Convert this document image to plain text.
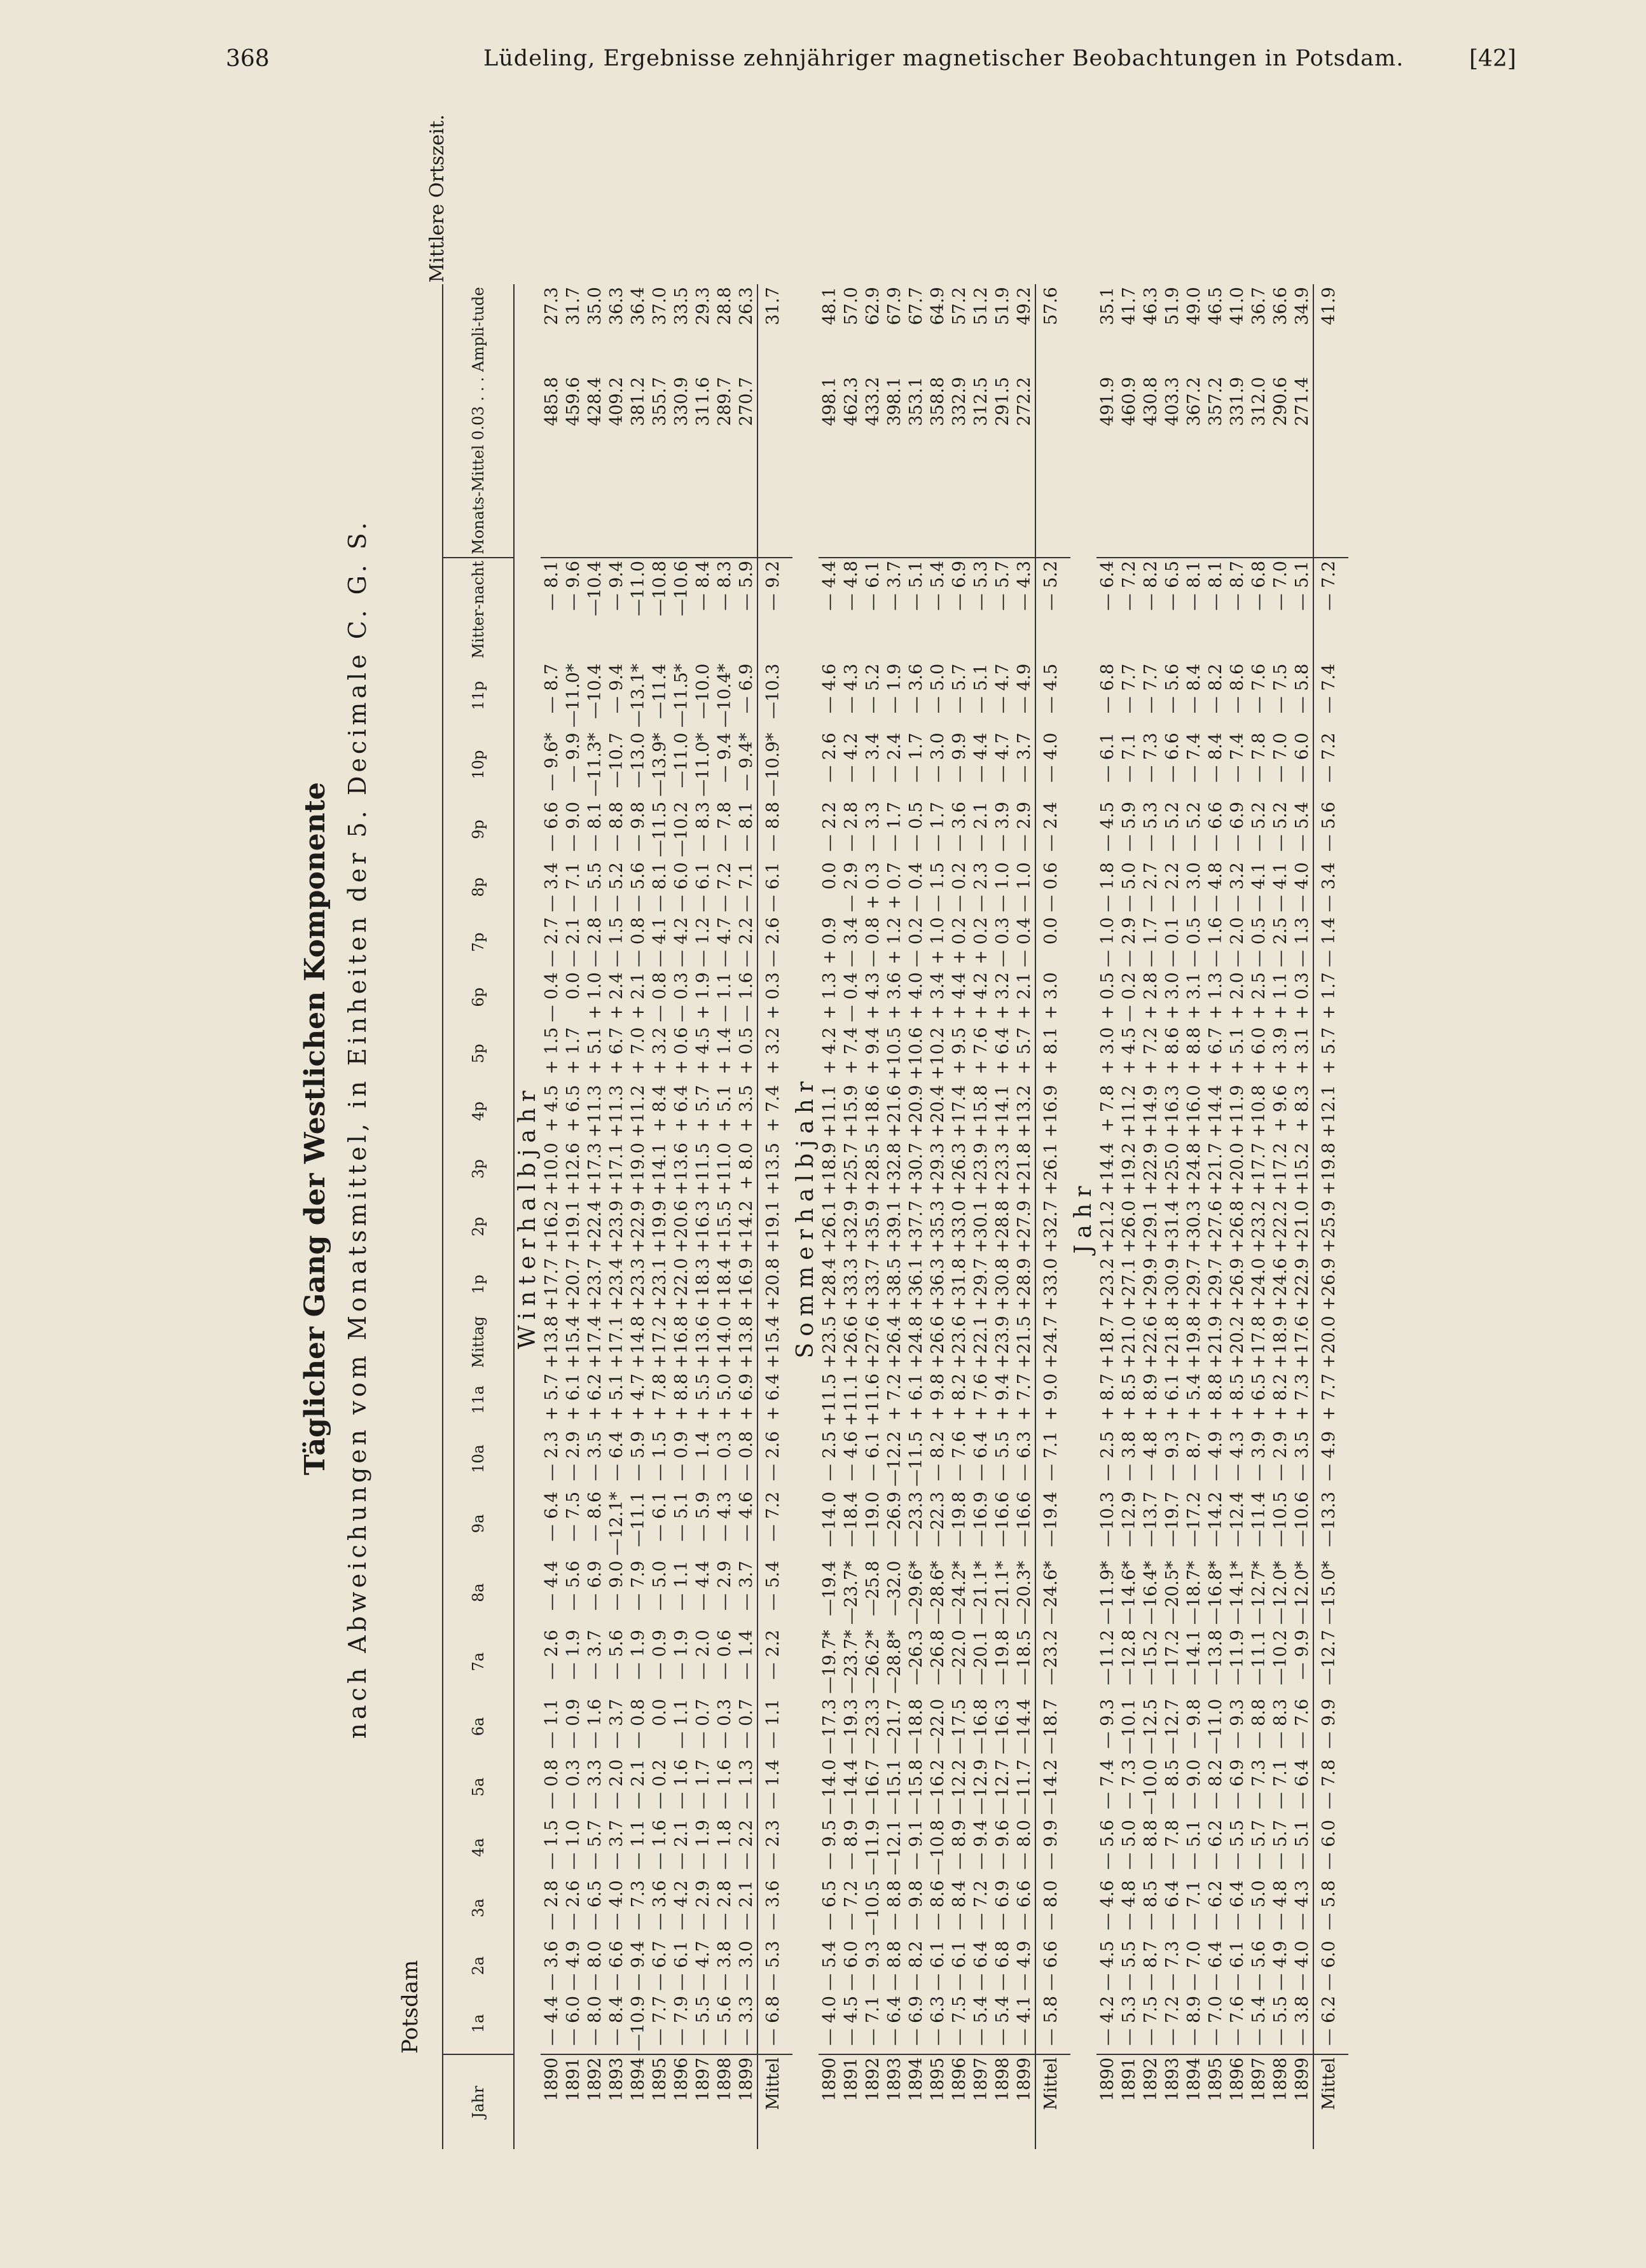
368	Lüdeling, Ergebnisse zehnjähriger magnetischer Beobachtungen in Potsdam.	[42]
Täglicher Gang der Westlichen Komponente nach Abweichungen vom Monatsmittel, in Einheiten der 5. Decimale C. G. S.
Potsdam
Mittlere Ortszeit.
Jahr	1a	2a	3a	4a	5a	6a	7a	8a	9a	10a	11a	Mittag	1p	2p	3p	4p	5p	6p	7p	8p	9p	10p	11p	Mitter-nacht	Monats-Mittel 0.03 . . .	Ampli-tude
Winterhalbjahr																										
1890	— 4.4	— 3.6	— 2.8	— 1.5	— 0.8	— 1.1	— 2.6	— 4.4	— 6.4	— 2.3	+ 5.7	+13.8	+17.7	+16.2	+10.0	+ 4.5	+ 1.5	— 0.4	— 2.7	— 3.4	— 6.6	— 9.6*	— 8.7	— 8.1	485.8	27.3
1891	— 6.0	— 4.9	— 2.6	— 1.0	— 0.3	— 0.9	— 1.9	— 5.6	— 7.5	— 2.9	+ 6.1	+15.4	+20.7	+19.1	+12.6	+ 6.5	+ 1.7	0.0	— 2.1	— 7.1	— 9.0	— 9.9	—11.0*	— 9.6	459.6	31.7
1892	— 8.0	— 8.0	— 6.5	— 5.7	— 3.3	— 1.6	— 3.7	— 6.9	— 8.6	— 3.5	+ 6.2	+17.4	+23.7	+22.4	+17.3	+11.3	+ 5.1	+ 1.0	— 2.8	— 5.5	— 8.1	—11.3*	—10.4	—10.4	428.4	35.0
1893	— 8.4	— 6.6	— 4.0	— 3.7	— 2.0	— 3.7	— 5.6	— 9.0	—12.1*	— 6.4	+ 5.1	+17.1	+23.4	+23.9	+17.1	+11.3	+ 6.7	+ 2.4	— 1.5	— 5.2	— 8.8	—10.7	— 9.4	— 9.4	409.2	36.3
1894	—10.9	— 9.4	— 7.3	— 1.1	— 2.1	— 0.8	— 1.9	— 7.9	—11.1	— 5.9	+ 4.7	+14.8	+23.3	+22.9	+19.0	+11.2	+ 7.0	+ 2.1	— 0.8	— 5.6	— 9.8	—13.0	—13.1*	—11.0	381.2	36.4
1895	— 7.7	— 6.7	— 3.6	— 1.6	— 0.2	0.0	— 0.9	— 5.0	— 6.1	— 1.5	+ 7.8	+17.2	+23.1	+19.9	+14.1	+ 8.4	+ 3.2	— 0.8	— 4.1	— 8.1	—11.5	—13.9*	—11.4	—10.8	355.7	37.0
1896	— 7.9	— 6.1	— 4.2	— 2.1	— 1.6	— 1.1	— 1.9	— 1.1	— 5.1	— 0.9	+ 8.8	+16.8	+22.0	+20.6	+13.6	+ 6.4	+ 0.6	— 0.3	— 4.2	— 6.0	—10.2	—11.0	—11.5*	—10.6	330.9	33.5
1897	— 5.5	— 4.7	— 2.9	— 1.9	— 1.7	— 0.7	— 2.0	— 4.4	— 5.9	— 1.4	+ 5.5	+13.6	+18.3	+16.3	+11.5	+ 5.7	+ 4.5	+ 1.9	— 1.2	— 6.1	— 8.3	—11.0*	—10.0	— 8.4	311.6	29.3
1898	— 5.6	— 3.8	— 2.8	— 1.8	— 1.6	— 0.3	— 0.6	— 2.9	— 4.3	— 0.3	+ 5.0	+14.0	+18.4	+15.5	+11.0	+ 5.1	+ 1.4	— 1.1	— 4.7	— 7.2	— 7.8	— 9.4	—10.4*	— 8.3	289.7	28.8
1899	— 3.3	— 3.0	— 2.1	— 2.2	— 1.3	— 0.7	— 1.4	— 3.7	— 4.6	— 0.8	+ 6.9	+13.8	+16.9	+14.2	+ 8.0	+ 3.5	+ 0.5	— 1.6	— 2.2	— 7.1	— 8.1	— 9.4*	— 6.9	— 5.9	270.7	26.3
Mittel	— 6.8	— 5.3	— 3.6	— 2.3	— 1.4	— 1.1	— 2.2	— 5.4	— 7.2	— 2.6	+ 6.4	+15.4	+20.8	+19.1	+13.5	+ 7.4	+ 3.2	+ 0.3	— 2.6	— 6.1	— 8.8	—10.9*	—10.3	— 9.2		31.7
Sommerhalbjahr																										
1890	— 4.0	— 5.4	— 6.5	— 9.5	—14.0	—17.3	—19.7*	—19.4	—14.0	— 2.5	+11.5	+23.5	+28.4	+26.1	+18.9	+11.1	+ 4.2	+ 1.3	+ 0.9	0.0	— 2.2	— 2.6	— 4.6	— 4.4	498.1	48.1
1891	— 4.5	— 6.0	— 7.2	— 8.9	—14.4	—19.3	—23.7*	—23.7*	—18.4	— 4.6	+11.1	+26.6	+33.3	+32.9	+25.7	+15.9	+ 7.4	— 0.4	— 3.4	— 2.9	— 2.8	— 4.2	— 4.3	— 4.8	462.3	57.0
1892	— 7.1	— 9.3	—10.5	—11.9	—16.7	—23.3	—26.2*	—25.8	—19.0	— 6.1	+11.6	+27.6	+33.7	+35.9	+28.5	+18.6	+ 9.4	+ 4.3	— 0.8	+ 0.3	— 3.3	— 3.4	— 5.2	— 6.1	433.2	62.9
1893	— 6.4	— 8.8	— 8.8	—12.1	—15.1	—21.7	—28.8*	—32.0	—26.9	—12.2	+ 7.2	+26.4	+38.5	+39.1	+32.8	+21.6	+10.5	+ 3.6	+ 1.2	+ 0.7	— 1.7	— 2.4	— 1.9	— 3.7	398.1	67.9
1894	— 6.9	— 8.2	— 9.8	— 9.1	—15.8	—18.8	—26.3	—29.6*	—23.3	—11.5	+ 6.1	+24.8	+36.1	+37.7	+30.7	+20.9	+10.6	+ 4.0	— 0.2	— 0.4	— 0.5	— 1.7	— 3.6	— 5.1	353.1	67.7
1895	— 6.3	— 6.1	— 8.6	—10.8	—16.2	—22.0	—26.8	—28.6*	—22.3	— 8.2	+ 9.8	+26.6	+36.3	+35.3	+29.3	+20.4	+10.2	+ 3.4	+ 1.0	— 1.5	— 1.7	— 3.0	— 5.0	— 5.4	358.8	64.9
1896	— 7.5	— 6.1	— 8.4	— 8.9	—12.2	—17.5	—22.0	—24.2*	—19.8	— 7.6	+ 8.2	+23.6	+31.8	+33.0	+26.3	+17.4	+ 9.5	+ 4.4	+ 0.2	— 0.2	— 3.6	— 9.9	— 5.7	— 6.9	332.9	57.2
1897	— 5.4	— 6.4	— 7.2	— 9.4	—12.9	—16.8	—20.1	—21.1*	—16.9	— 6.4	+ 7.6	+22.1	+29.7	+30.1	+23.9	+15.8	+ 7.6	+ 4.2	+ 0.2	— 2.3	— 2.1	— 4.4	— 5.1	— 5.3	312.5	51.2
1898	— 5.4	— 6.8	— 6.9	— 9.6	—12.7	—16.3	—19.8	—21.1*	—16.6	— 5.5	+ 9.4	+23.9	+30.8	+28.8	+23.3	+14.1	+ 6.4	+ 3.2	— 0.3	— 1.0	— 3.9	— 4.7	— 4.7	— 5.7	291.5	51.9
1899	— 4.1	— 4.9	— 6.6	— 8.0	—11.7	—14.4	—18.5	—20.3*	—16.6	— 6.3	+ 7.7	+21.5	+28.9	+27.9	+21.8	+13.2	+ 5.7	+ 2.1	— 0.4	— 1.0	— 2.9	— 3.7	— 4.9	— 4.3	272.2	49.2
Mittel	— 5.8	— 6.6	— 8.0	— 9.9	—14.2	—18.7	—23.2	—24.6*	—19.4	— 7.1	+ 9.0	+24.7	+33.0	+32.7	+26.1	+16.9	+ 8.1	+ 3.0	0.0	— 0.6	— 2.4	— 4.0	— 4.5	— 5.2		57.6
Jahr																										
1890	— 4.2	— 4.5	— 4.6	— 5.6	— 7.4	— 9.3	—11.2	—11.9*	—10.3	— 2.5	+ 8.7	+18.7	+23.2	+21.2	+14.4	+ 7.8	+ 3.0	+ 0.5	— 1.0	— 1.8	— 4.5	— 6.1	— 6.8	— 6.4	491.9	35.1
1891	— 5.3	— 5.5	— 4.8	— 5.0	— 7.3	—10.1	—12.8	—14.6*	—12.9	— 3.8	+ 8.5	+21.0	+27.1	+26.0	+19.2	+11.2	+ 4.5	— 0.2	— 2.9	— 5.0	— 5.9	— 7.1	— 7.7	— 7.2	460.9	41.7
1892	— 7.5	— 8.7	— 8.5	— 8.8	—10.0	—12.5	—15.2	—16.4*	—13.7	— 4.8	+ 8.9	+22.6	+29.9	+29.1	+22.9	+14.9	+ 7.2	+ 2.8	— 1.7	— 2.7	— 5.3	— 7.3	— 7.7	— 8.2	430.8	46.3
1893	— 7.2	— 7.3	— 6.4	— 7.8	— 8.5	—12.7	—17.2	—20.5*	—19.7	— 9.3	+ 6.1	+21.8	+30.9	+31.4	+25.0	+16.3	+ 8.6	+ 3.0	— 0.1	— 2.2	— 5.2	— 6.6	— 5.6	— 6.5	403.3	51.9
1894	— 8.9	— 7.0	— 7.1	— 5.1	— 9.0	— 9.8	—14.1	—18.7*	—17.2	— 8.7	+ 5.4	+19.8	+29.7	+30.3	+24.8	+16.0	+ 8.8	+ 3.1	— 0.5	— 3.0	— 5.2	— 7.4	— 8.4	— 8.1	367.2	49.0
1895	— 7.0	— 6.4	— 6.2	— 6.2	— 8.2	—11.0	—13.8	—16.8*	—14.2	— 4.9	+ 8.8	+21.9	+29.7	+27.6	+21.7	+14.4	+ 6.7	+ 1.3	— 1.6	— 4.8	— 6.6	— 8.4	— 8.2	— 8.1	357.2	46.5
1896	— 7.6	— 6.1	— 6.4	— 5.5	— 6.9	— 9.3	—11.9	—14.1*	—12.4	— 4.3	+ 8.5	+20.2	+26.9	+26.8	+20.0	+11.9	+ 5.1	+ 2.0	— 2.0	— 3.2	— 6.9	— 7.4	— 8.6	— 8.7	331.9	41.0
1897	— 5.4	— 5.6	— 5.0	— 5.7	— 7.3	— 8.8	—11.1	—12.7*	—11.4	— 3.9	+ 6.5	+17.8	+24.0	+23.2	+17.7	+10.8	+ 6.0	+ 2.5	— 0.5	— 4.1	— 5.2	— 7.8	— 7.6	— 6.8	312.0	36.7
1898	— 5.5	— 4.9	— 4.8	— 5.7	— 7.1	— 8.3	—10.2	—12.0*	—10.5	— 2.9	+ 8.2	+18.9	+24.6	+22.2	+17.2	+ 9.6	+ 3.9	+ 1.1	— 2.5	— 4.1	— 5.2	— 7.0	— 7.5	— 7.0	290.6	36.6
1899	— 3.8	— 4.0	— 4.3	— 5.1	— 6.4	— 7.6	— 9.9	—12.0*	—10.6	— 3.5	+ 7.3	+17.6	+22.9	+21.0	+15.2	+ 8.3	+ 3.1	+ 0.3	— 1.3	— 4.0	— 5.4	— 6.0	— 5.8	— 5.1	271.4	34.9
Mittel	— 6.2	— 6.0	— 5.8	— 6.0	— 7.8	— 9.9	—12.7	—15.0*	—13.3	— 4.9	+ 7.7	+20.0	+26.9	+25.9	+19.8	+12.1	+ 5.7	+ 1.7	— 1.4	— 3.4	— 5.6	— 7.2	— 7.4	— 7.2		41.9
